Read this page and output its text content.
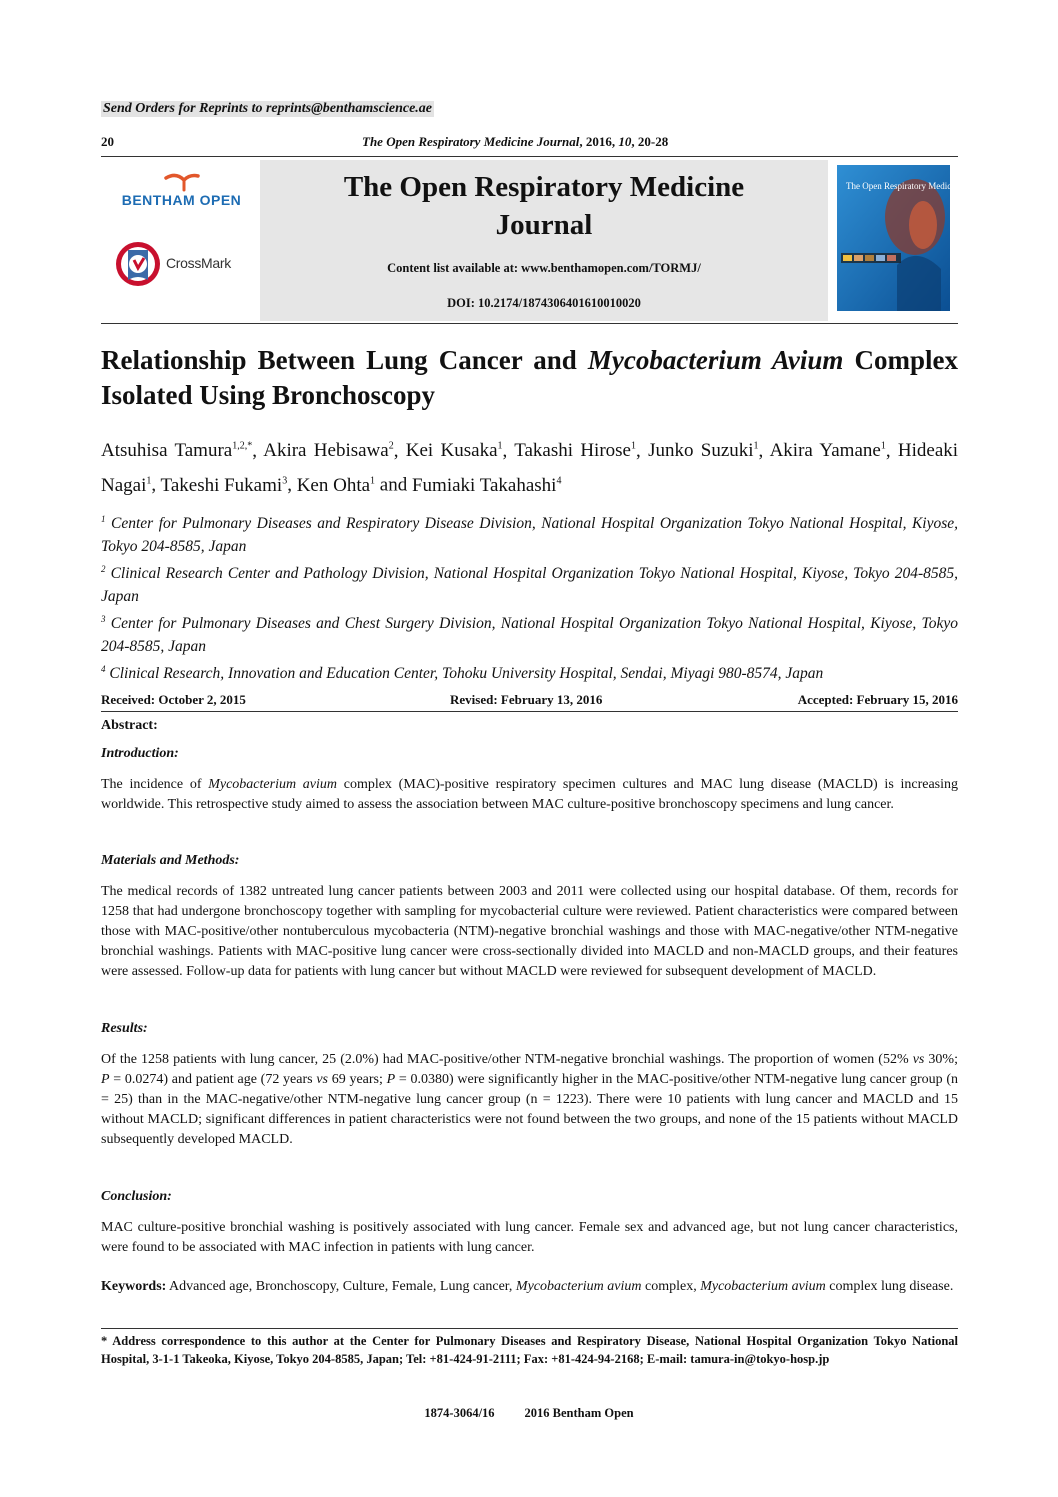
Send Orders for Reprints to reprints@benthamscience.ae
20	The Open Respiratory Medicine Journal, 2016, 10, 20-28
The Open Respiratory Medicine
Journal
Content list available at: www.benthamopen.com/TORMJ/
DOI: 10.2174/1874306401610010020
BENTHAM OPEN
CrossMark
The Open Respiratory Medicine Journal
Relationship Between Lung Cancer and Mycobacterium Avium Complex Isolated Using Bronchoscopy
Atsuhisa Tamura$^{1,2,*}$, Akira Hebisawa$^2$, Kei Kusaka$^1$, Takashi Hirose$^1$, Junko Suzuki$^1$, Akira Yamane$^1$, Hideaki Nagai$^1$, Takeshi Fukami$^3$, Ken Ohta$^1$ and Fumiaki Takahashi$^4$
$^1$ Center for Pulmonary Diseases and Respiratory Disease Division, National Hospital Organization Tokyo National Hospital, Kiyose, Tokyo 204-8585, Japan
$^2$ Clinical Research Center and Pathology Division, National Hospital Organization Tokyo National Hospital, Kiyose, Tokyo 204-8585, Japan
$^3$ Center for Pulmonary Diseases and Chest Surgery Division, National Hospital Organization Tokyo National Hospital, Kiyose, Tokyo 204-8585, Japan
$^4$ Clinical Research, Innovation and Education Center, Tohoku University Hospital, Sendai, Miyagi 980-8574, Japan
Received: October 2, 2015	Revised: February 13, 2016	Accepted: February 15, 2016
Abstract:
Introduction:
The incidence of Mycobacterium avium complex (MAC)-positive respiratory specimen cultures and MAC lung disease (MACLD) is increasing worldwide. This retrospective study aimed to assess the association between MAC culture-positive bronchoscopy specimens and lung cancer.
Materials and Methods:
The medical records of 1382 untreated lung cancer patients between 2003 and 2011 were collected using our hospital database. Of them, records for 1258 that had undergone bronchoscopy together with sampling for mycobacterial culture were reviewed. Patient characteristics were compared between those with MAC-positive/other nontuberculous mycobacteria (NTM)-negative bronchial washings and those with MAC-negative/other NTM-negative bronchial washings. Patients with MAC-positive lung cancer were cross-sectionally divided into MACLD and non-MACLD groups, and their features were assessed. Follow-up data for patients with lung cancer but without MACLD were reviewed for subsequent development of MACLD.
Results:
Of the 1258 patients with lung cancer, 25 (2.0%) had MAC-positive/other NTM-negative bronchial washings. The proportion of women (52% vs 30%; P = 0.0274) and patient age (72 years vs 69 years; P = 0.0380) were significantly higher in the MAC-positive/other NTM-negative lung cancer group (n = 25) than in the MAC-negative/other NTM-negative lung cancer group (n = 1223). There were 10 patients with lung cancer and MACLD and 15 without MACLD; significant differences in patient characteristics were not found between the two groups, and none of the 15 patients without MACLD subsequently developed MACLD.
Conclusion:
MAC culture-positive bronchial washing is positively associated with lung cancer. Female sex and advanced age, but not lung cancer characteristics, were found to be associated with MAC infection in patients with lung cancer.
Keywords: Advanced age, Bronchoscopy, Culture, Female, Lung cancer, Mycobacterium avium complex, Mycobacterium avium complex lung disease.
* Address correspondence to this author at the Center for Pulmonary Diseases and Respiratory Disease, National Hospital Organization Tokyo National Hospital, 3-1-1 Takeoka, Kiyose, Tokyo 204-8585, Japan; Tel: +81-424-91-2111; Fax: +81-424-94-2168; E-mail: tamura-in@tokyo-hosp.jp
1874-3064/16 2016 Bentham Open
